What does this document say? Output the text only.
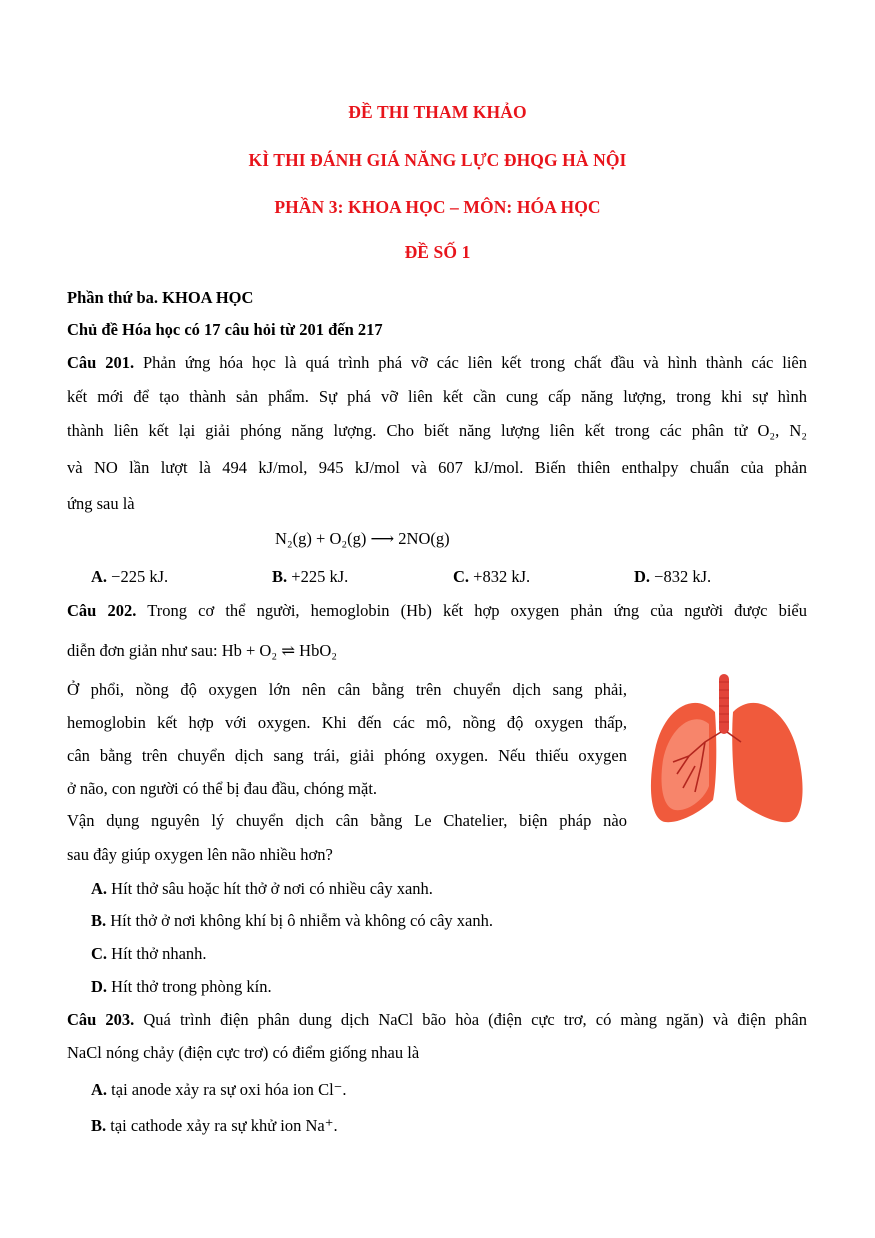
ĐỀ THI THAM KHẢO
KÌ THI ĐÁNH GIÁ NĂNG LỰC ĐHQG HÀ NỘI
PHẦN 3: KHOA HỌC – MÔN: HÓA HỌC
ĐỀ SỐ 1
Phần thứ ba. KHOA HỌC
Chủ đề Hóa học có 17 câu hỏi từ 201 đến 217
Câu 201. Phản ứng hóa học là quá trình phá vỡ các liên kết trong chất đầu và hình thành các liên
kết mới để tạo thành sản phẩm. Sự phá vỡ liên kết cần cung cấp năng lượng, trong khi sự hình
thành liên kết lại giải phóng năng lượng. Cho biết năng lượng liên kết trong các phân tử O₂, N₂
và NO lần lượt là 494 kJ/mol, 945 kJ/mol và 607 kJ/mol. Biến thiên enthalpy chuẩn của phản
ứng sau là
N₂(g) + O₂(g) ⟶ 2NO(g)
A. −225 kJ.	B. +225 kJ.	C. +832 kJ.	D. −832 kJ.
Câu 202. Trong cơ thể người, hemoglobin (Hb) kết hợp oxygen phản ứng của người được biểu
diễn đơn giản như sau: Hb + O₂ ⇌ HbO₂
Ở phổi, nồng độ oxygen lớn nên cân bằng trên chuyển dịch sang phải,
hemoglobin kết hợp với oxygen. Khi đến các mô, nồng độ oxygen thấp,
cân bằng trên chuyển dịch sang trái, giải phóng oxygen. Nếu thiếu oxygen
ở não, con người có thể bị đau đầu, chóng mặt.
Vận dụng nguyên lý chuyển dịch cân bằng Le Chatelier, biện pháp nào
sau đây giúp oxygen lên não nhiều hơn?
A. Hít thở sâu hoặc hít thở ở nơi có nhiều cây xanh.
B. Hít thở ở nơi không khí bị ô nhiễm và không có cây xanh.
C. Hít thở nhanh.
D. Hít thở trong phòng kín.
Câu 203. Quá trình điện phân dung dịch NaCl bão hòa (điện cực trơ, có màng ngăn) và điện phân
NaCl nóng chảy (điện cực trơ) có điểm giống nhau là
A. tại anode xảy ra sự oxi hóa ion Cl⁻.
B. tại cathode xảy ra sự khử ion Na⁺.
